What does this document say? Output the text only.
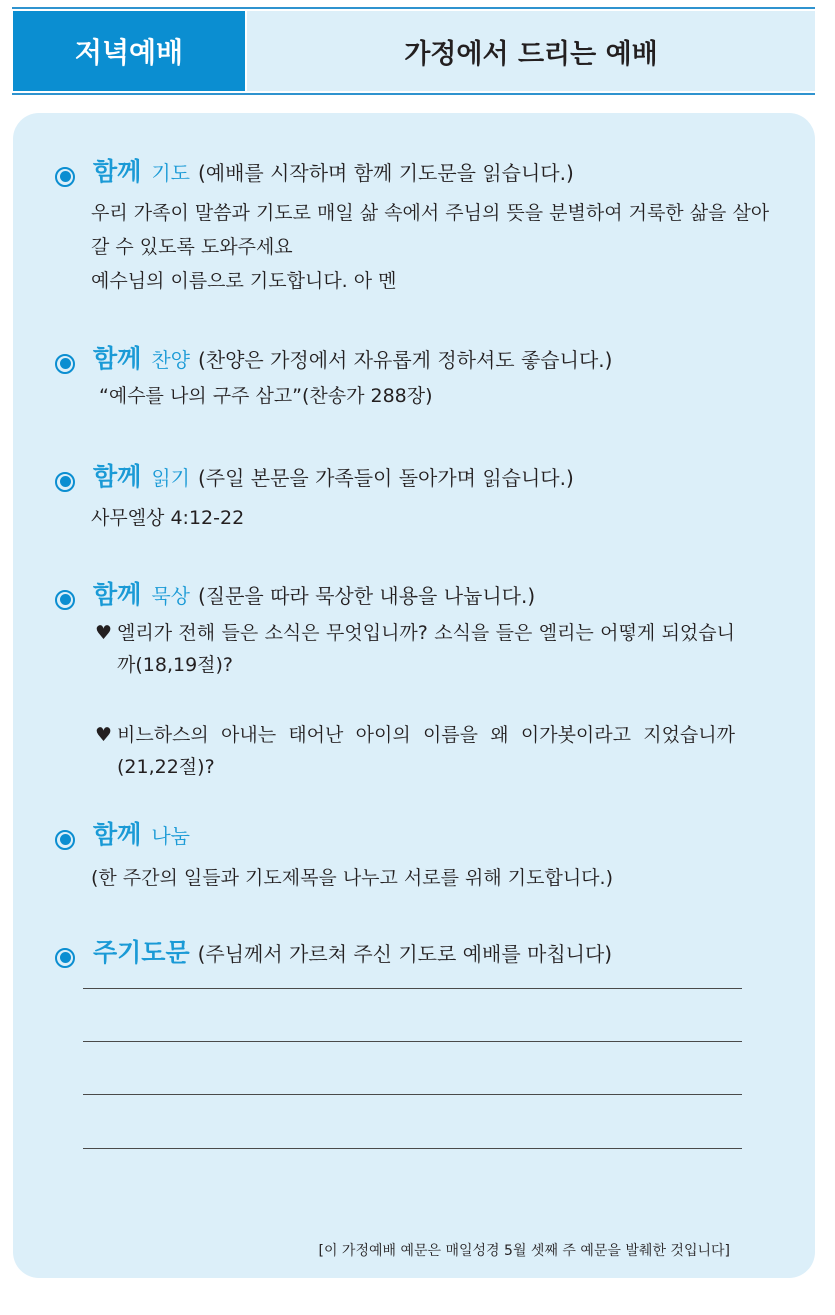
저녁예배	가정에서 드리는 예배
함께 기도 (예배를 시작하며 함께 기도문을 읽습니다.)
우리 가족이 말씀과 기도로 매일 삶 속에서 주님의 뜻을 분별하여 거룩한 삶을 살아
갈 수 있도록 도와주세요
예수님의 이름으로 기도합니다. 아 멘
함께 찬양 (찬양은 가정에서 자유롭게 정하셔도 좋습니다.)
“예수를 나의 구주 삼고”(찬송가 288장)
함께 읽기 (주일 본문을 가족들이 돌아가며 읽습니다.)
사무엘상 4:12-22
함께 묵상 (질문을 따라 묵상한 내용을 나눕니다.)
♥ 엘리가 전해 들은 소식은 무엇입니까? 소식을 들은 엘리는 어떻게 되었습니까(18,19절)?
♥ 비느하스의 아내는 태어난 아이의 이름을 왜 이가봇이라고 지었습니까(21,22절)?
함께 나눔
(한 주간의 일들과 기도제목을 나누고 서로를 위해 기도합니다.)
주기도문 (주님께서 가르쳐 주신 기도로 예배를 마칩니다)
[이 가정예배 예문은 매일성경 5월 셋째 주 예문을 발췌한 것입니다]
